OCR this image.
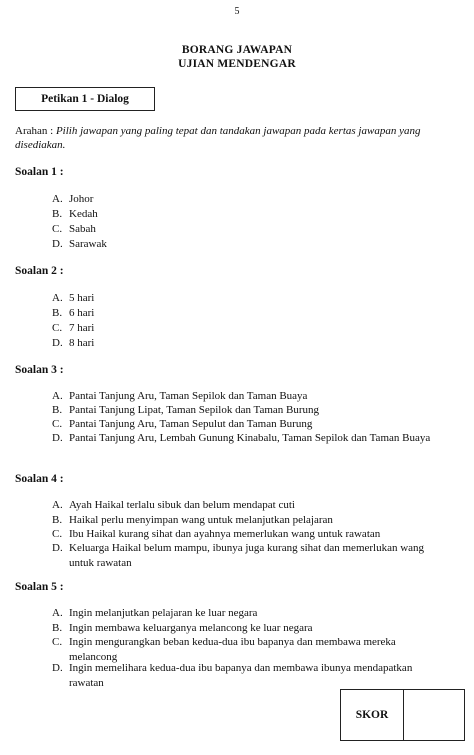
5
BORANG JAWAPAN
UJIAN MENDENGAR
Petikan 1 - Dialog
Arahan : Pilih jawapan yang paling tepat dan tandakan jawapan pada kertas jawapan yang disediakan.
Soalan 1 :
A. Johor
B. Kedah
C. Sabah
D. Sarawak
Soalan 2 :
A. 5 hari
B. 6 hari
C. 7 hari
D. 8 hari
Soalan 3 :
A. Pantai Tanjung Aru, Taman Sepilok dan Taman Buaya
B. Pantai Tanjung Lipat, Taman Sepilok dan Taman Burung
C. Pantai Tanjung Aru, Taman Sepulut dan Taman Burung
D. Pantai Tanjung Aru, Lembah Gunung Kinabalu, Taman Sepilok dan Taman Buaya
Soalan 4 :
A. Ayah Haikal terlalu sibuk dan belum mendapat cuti
B. Haikal perlu menyimpan wang untuk melanjutkan pelajaran
C. Ibu Haikal kurang sihat dan ayahnya memerlukan wang untuk rawatan
D. Keluarga Haikal belum mampu, ibunya juga kurang sihat dan memerlukan wang untuk rawatan
Soalan 5 :
A. Ingin melanjutkan pelajaran ke luar negara
B. Ingin membawa keluarganya melancong ke luar negara
C. Ingin mengurangkan beban kedua-dua ibu bapanya dan membawa mereka melancong
D. Ingin memelihara kedua-dua ibu bapanya dan membawa ibunya mendapatkan rawatan
SKOR
